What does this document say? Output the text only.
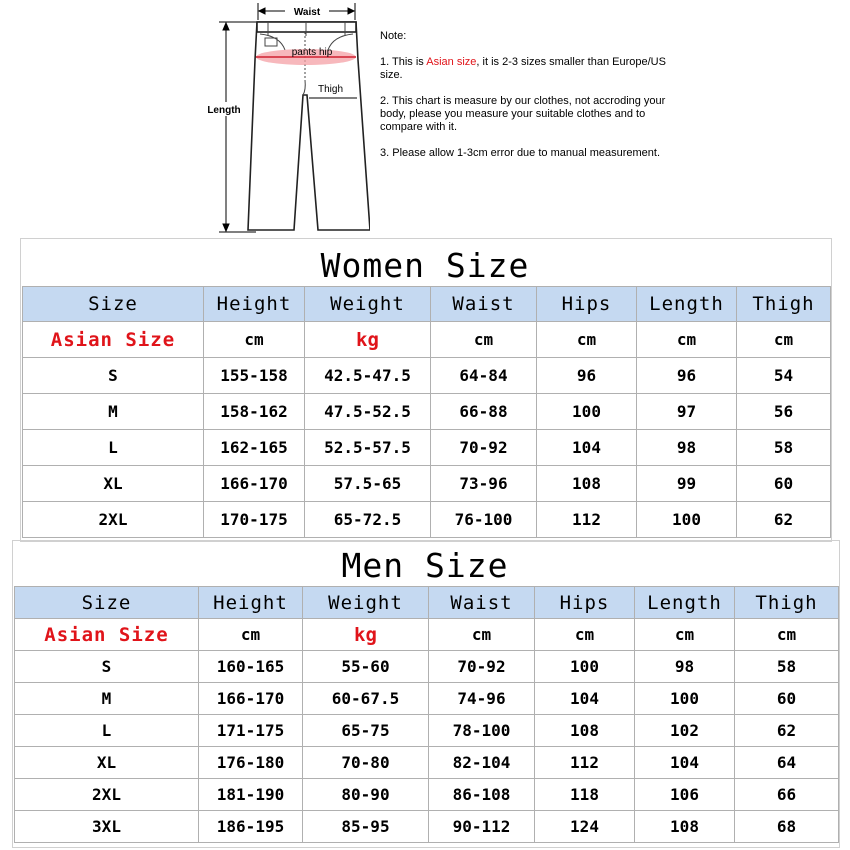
Waist
pants hip
Thigh
Length

Note:

1. This is Asian size, it is 2-3 sizes smaller than Europe/US size.

2. This chart is measure by our clothes, not accroding your body, please you measure your suitable clothes and to compare with it.

3. Please allow 1-3cm error due to manual measurement.

Women Size
Size	Height	Weight	Waist	Hips	Length	Thigh
Asian Size	cm	kg	cm	cm	cm	cm
S	155-158	42.5-47.5	64-84	96	96	54
M	158-162	47.5-52.5	66-88	100	97	56
L	162-165	52.5-57.5	70-92	104	98	58
XL	166-170	57.5-65	73-96	108	99	60
2XL	170-175	65-72.5	76-100	112	100	62
Men Size
Size	Height	Weight	Waist	Hips	Length	Thigh
Asian Size	cm	kg	cm	cm	cm	cm
S	160-165	55-60	70-92	100	98	58
M	166-170	60-67.5	74-96	104	100	60
L	171-175	65-75	78-100	108	102	62
XL	176-180	70-80	82-104	112	104	64
2XL	181-190	80-90	86-108	118	106	66
3XL	186-195	85-95	90-112	124	108	68
